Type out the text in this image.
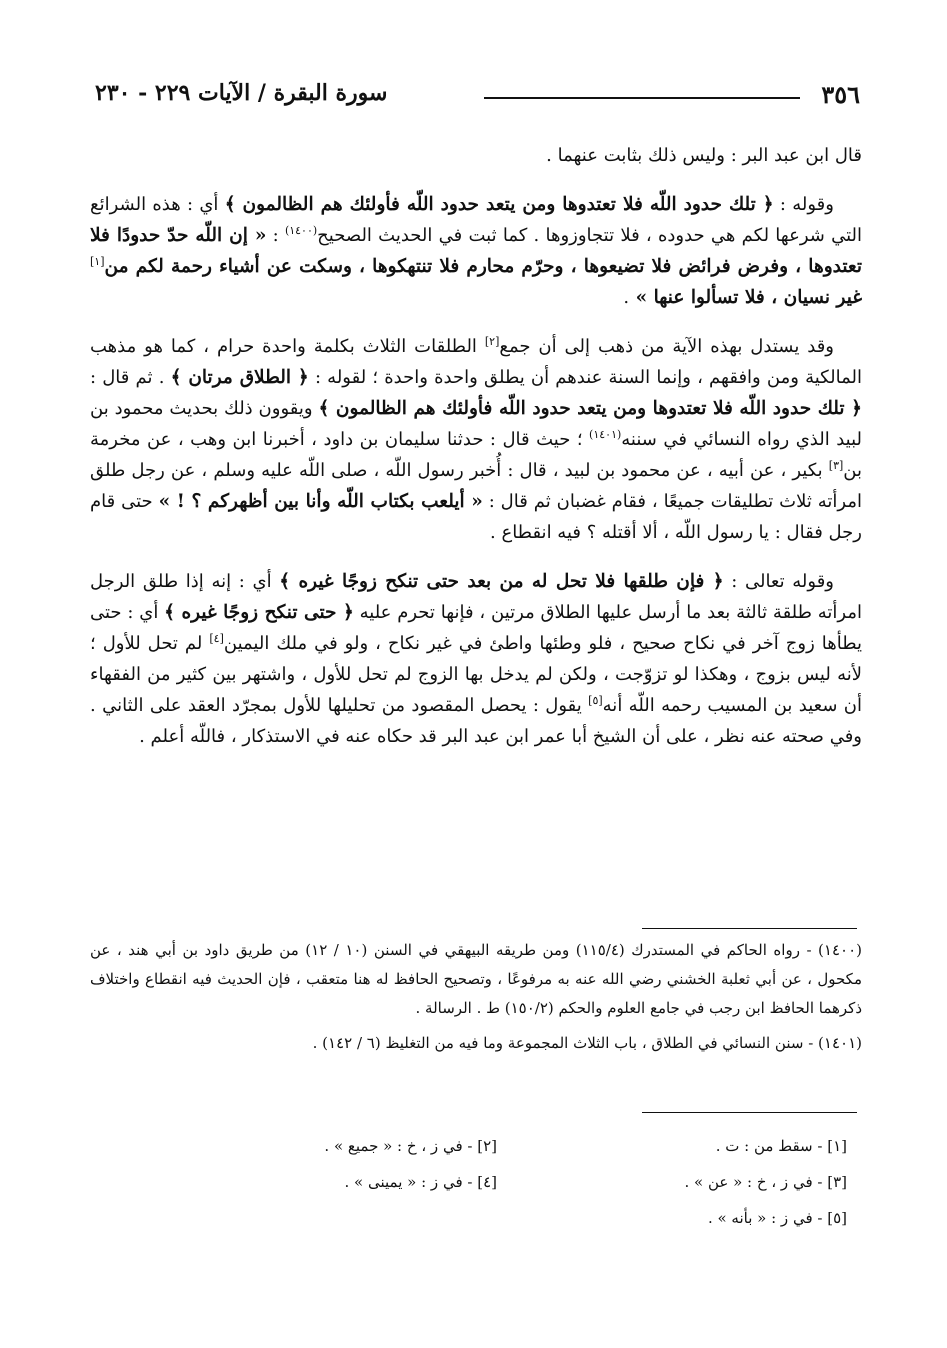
٣٥٦
سورة البقرة / الآيات ٢٢٩ - ٢٣٠

قال ابن عبد البر : وليس ذلك بثابت عنهما .

وقوله : ﴿ تلك حدود اللّه فلا تعتدوها ومن يتعد حدود اللّه فأولئك هم الظالمون ﴾ أي : هذه الشرائع التي شرعها لكم هي حدوده ، فلا تتجاوزوها . كما ثبت في الحديث الصحيح$^{(١٤٠٠)}$ : « إن اللّه حدّ حدودًا فلا تعتدوها ، وفرض فرائض فلا تضيعوها ، وحرّم محارم فلا تنتهكوها ، وسكت عن أشياء رحمة لكم من[١] غير نسيان ، فلا تسألوا عنها » .

وقد يستدل بهذه الآية من ذهب إلى أن جمع[٢] الطلقات الثلاث بكلمة واحدة حرام ، كما هو مذهب المالكية ومن وافقهم ، وإنما السنة عندهم أن يطلق واحدة واحدة ؛ لقوله : ﴿ الطلاق مرتان ﴾ . ثم قال : ﴿ تلك حدود اللّه فلا تعتدوها ومن يتعد حدود اللّه فأولئك هم الظالمون ﴾ ويقوون ذلك بحديث محمود بن لبيد الذي رواه النسائي في سننه$^{(١٤٠١)}$ ؛ حيث قال : حدثنا سليمان بن داود ، أخبرنا ابن وهب ، عن مخرمة بن[٣] بكير ، عن أبيه ، عن محمود بن لبيد ، قال : أُخبر رسول اللّه ، صلى اللّه عليه وسلم ، عن رجل طلق امرأته ثلاث تطليقات جميعًا ، فقام غضبان ثم قال : « أيلعب بكتاب اللّه وأنا بين أظهركم ؟ ! » حتى قام رجل فقال : يا رسول اللّه ، ألا أقتله ؟ فيه انقطاع .

وقوله تعالى : ﴿ فإن طلقها فلا تحل له من بعد حتى تنكح زوجًا غيره ﴾ أي : إنه إذا طلق الرجل امرأته طلقة ثالثة بعد ما أرسل عليها الطلاق مرتين ، فإنها تحرم عليه ﴿ حتى تنكح زوجًا غيره ﴾ أي : حتى يطأها زوج آخر في نكاح صحيح ، فلو وطئها واطئ في غير نكاح ، ولو في ملك اليمين[٤] لم تحل للأول ؛ لأنه ليس بزوج ، وهكذا لو تزوّجت ، ولكن لم يدخل بها الزوج لم تحل للأول ، واشتهر بين كثير من الفقهاء أن سعيد بن المسيب رحمه اللّه أنه[٥] يقول : يحصل المقصود من تحليلها للأول بمجرّد العقد على الثاني . وفي صحته عنه نظر ، على أن الشيخ أبا عمر ابن عبد البر قد حكاه عنه في الاستذكار ، فاللّه أعلم .

(١٤٠٠) - رواه الحاكم في المستدرك (١١٥/٤) ومن طريقه البيهقي في السنن (١٠ / ١٢) من طريق داود بن أبي هند ، عن مكحول ، عن أبي ثعلبة الخشني رضي الله عنه به مرفوعًا ، وتصحيح الحافظ له هنا متعقب ، فإن الحديث فيه انقطاع واختلاف ذكرهما الحافظ ابن رجب في جامع العلوم والحكم (١٥٠/٢) ط . الرسالة .

(١٤٠١) - سنن النسائي في الطلاق ، باب الثلاث المجموعة وما فيه من التغليظ (٦ / ١٤٢) .

[١] - سقط من : ت .
[٢] - في ز ، خ : « جميع » .
[٣] - في ز ، خ : « عن » .
[٤] - في ز : « يمينى » .
[٥] - في ز : « بأنه » .
